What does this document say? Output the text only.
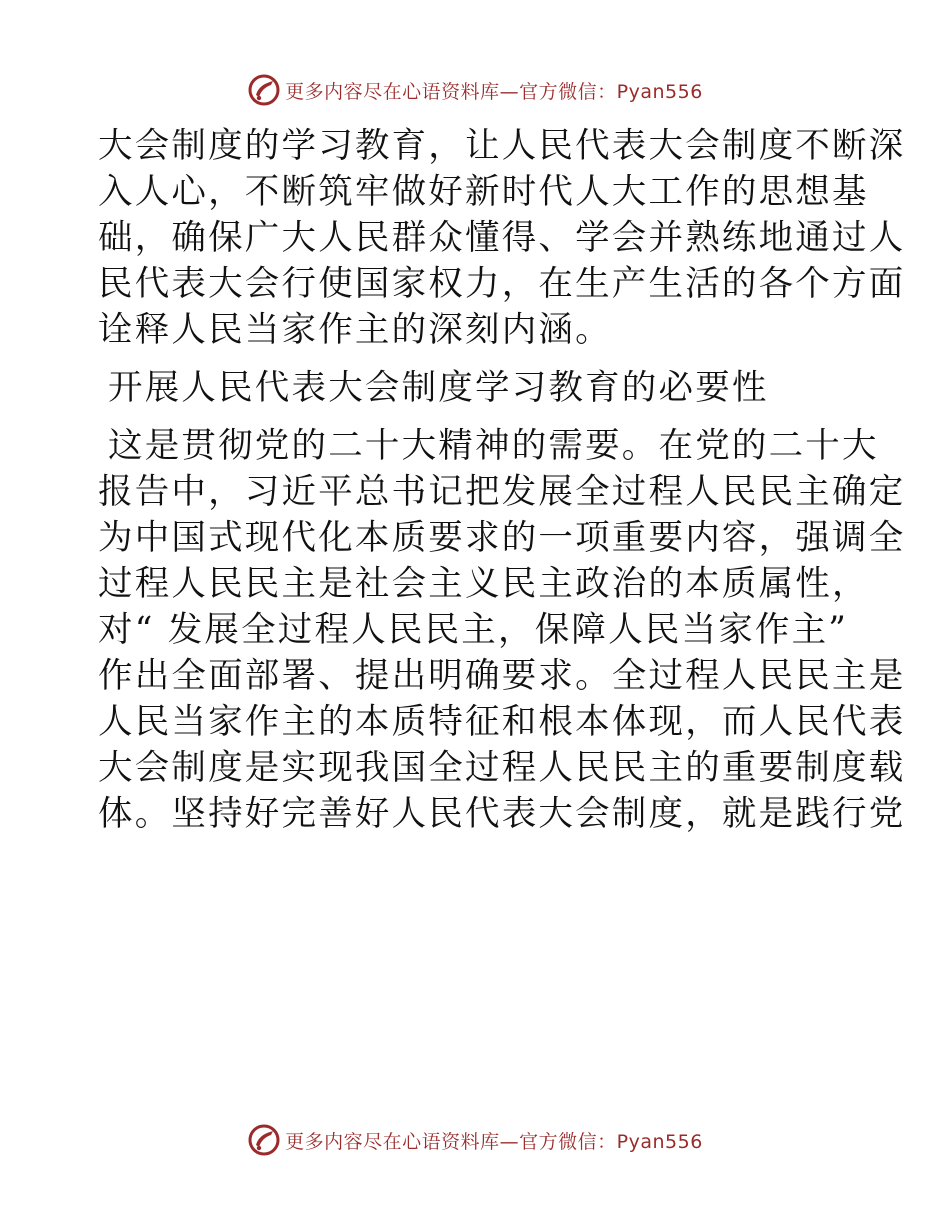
更多内容尽在心语资料库—官方微信：Pyan556
大会制度的学习教育，让人民代表大会制度不断深
入人心，不断筑牢做好新时代人大工作的思想基
础，确保广大人民群众懂得、学会并熟练地通过人
民代表大会行使国家权力，在生产生活的各个方面
诠释人民当家作主的深刻内涵。
开展人民代表大会制度学习教育的必要性
这是贯彻党的二十大精神的需要。在党的二十大
报告中，习近平总书记把发展全过程人民民主确定
为中国式现代化本质要求的一项重要内容，强调全
过程人民民主是社会主义民主政治的本质属性，
对“ 发展全过程人民民主，保障人民当家作主”
作出全面部署、提出明确要求。全过程人民民主是
人民当家作主的本质特征和根本体现，而人民代表
大会制度是实现我国全过程人民民主的重要制度载
体。坚持好完善好人民代表大会制度，就是践行党
更多内容尽在心语资料库—官方微信：Pyan556
